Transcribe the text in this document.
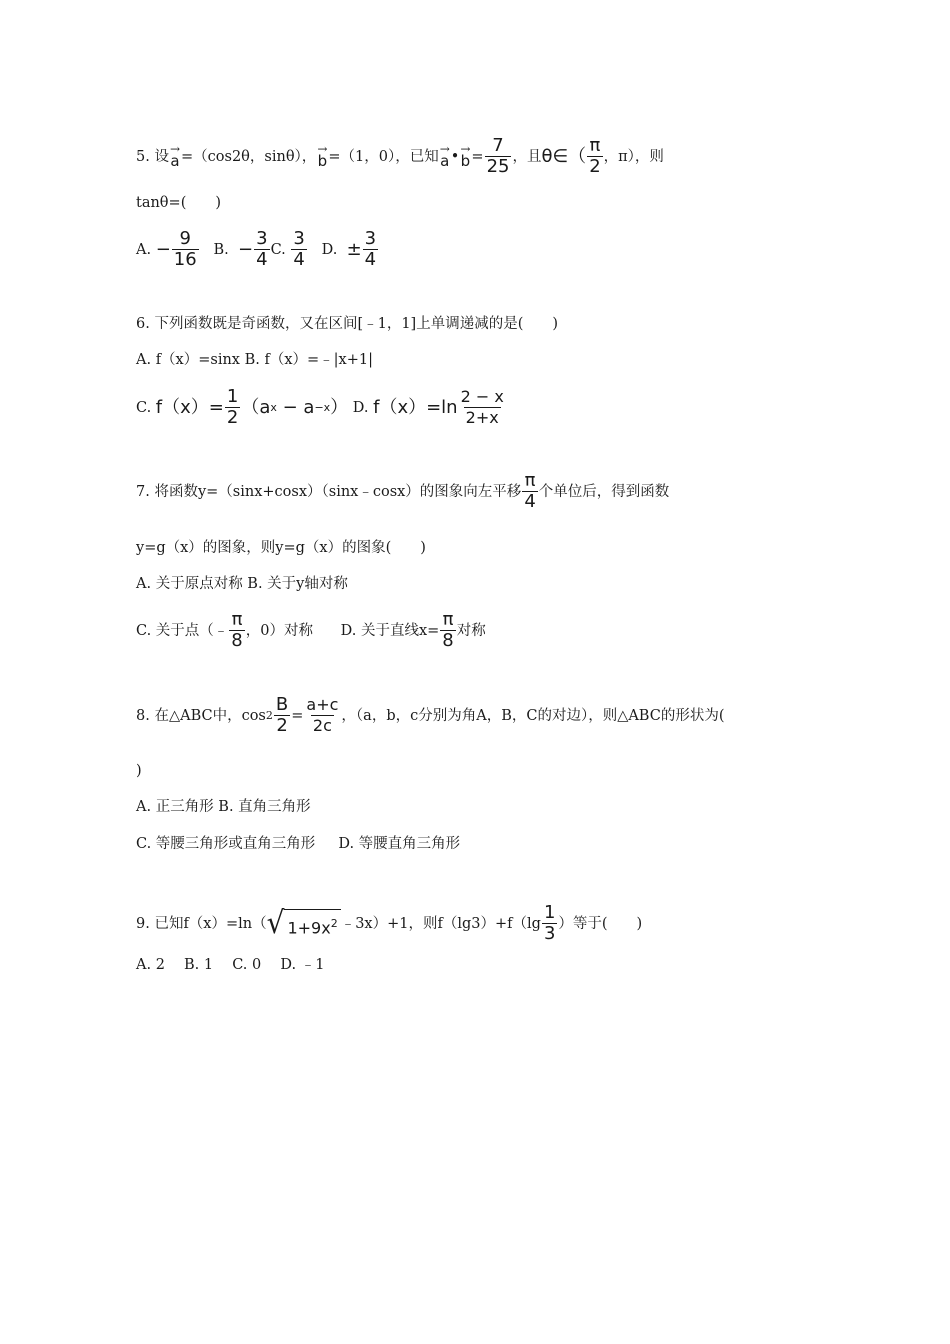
5. 设 →
a =（cos2θ，sinθ）， →
b =（1，0），已知 →
a • →
$b = \frac{7}{25}$ ，且 θ∈（ $\frac{\pi}{2}$ ，π），则
tanθ=(　　)
A.
− $\frac{9}{16}$
B.
− $\frac{3}{4} C$.
$\frac{3}{4}$
D.
± $\frac{3}{4}$
6. 下列函数既是奇函数，又在区间[﹣1，1]上单调递减的是(　　)
A. f（x）=sinx B. f（x）=﹣|x+1|
C.
$f(x)= \frac{1}{2} (a$ x − a −x ）
D.
$f(x)=\ln \frac{2 - x}{2+x}$
7. 将函数y=（sinx+cosx）（sinx﹣cosx）的图象向左平移 $\frac{\pi}{4}$ 个单位后，得到函数
y=g（x）的图象，则y=g（x）的图象(　　)
A. 关于原点对称 B. 关于y轴对称
C. 关于点（﹣ $\frac{\pi}{8}$ ，0）对称
D. 关于直线$x= \frac{\pi}{8}$ 对称
8. 在△ABC中，$\cos 2 \frac{B}{2} = \frac{a+c}{2c}$ ，（a，b，c分别为角A，B，C的对边），则△ABC的形状为(
)
A. 正三角形 B. 直角三角形
C. 等腰三角形或直角三角形
D. 等腰直角三角形
9. 已知f（x）=ln（ √ $1+9x^2$ ﹣3x）+1，则$f(\lg 3)+f(\lg \frac{1}{3}$ ）等于(　　)
A. 2　 B. 1　 C. 0　 D. ﹣1
